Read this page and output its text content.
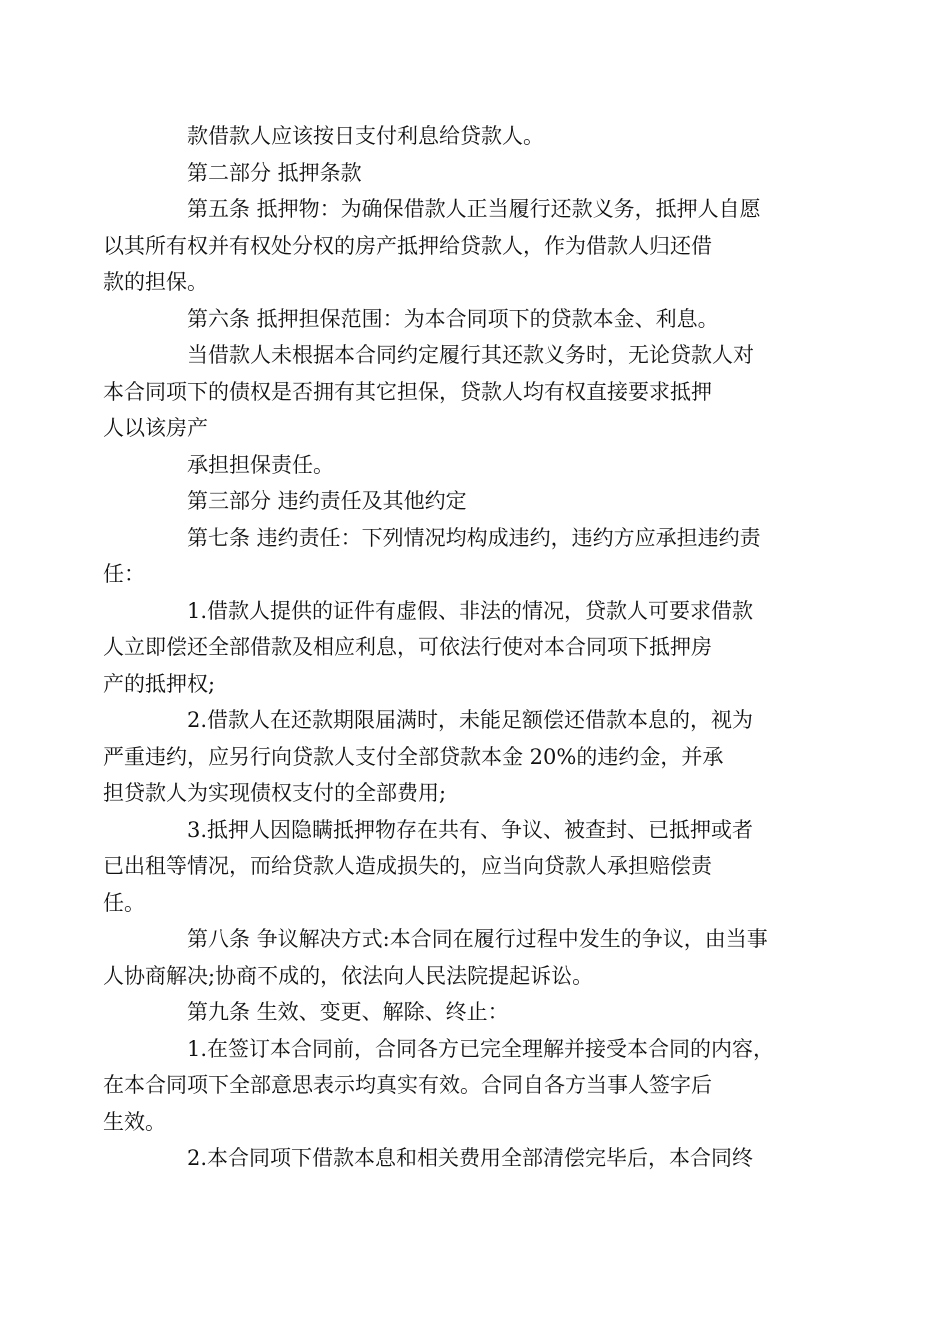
款借款人应该按日支付利息给贷款人。

第二部分 抵押条款

第五条 抵押物：为确保借款人正当履行还款义务，抵押人自愿
以其所有权并有权处分权的房产抵押给贷款人，作为借款人归还借
款的担保。

第六条 抵押担保范围：为本合同项下的贷款本金、利息。

当借款人未根据本合同约定履行其还款义务时，无论贷款人对
本合同项下的债权是否拥有其它担保，贷款人均有权直接要求抵押
人以该房产

承担担保责任。

第三部分 违约责任及其他约定

第七条 违约责任：下列情况均构成违约，违约方应承担违约责
任：

1.借款人提供的证件有虚假、非法的情况，贷款人可要求借款
人立即偿还全部借款及相应利息，可依法行使对本合同项下抵押房
产的抵押权;

2.借款人在还款期限届满时，未能足额偿还借款本息的，视为
严重违约，应另行向贷款人支付全部贷款本金 20%的违约金，并承
担贷款人为实现债权支付的全部费用;

3.抵押人因隐瞒抵押物存在共有、争议、被查封、已抵押或者
已出租等情况，而给贷款人造成损失的，应当向贷款人承担赔偿责
任。

第八条 争议解决方式:本合同在履行过程中发生的争议，由当事
人协商解决;协商不成的，依法向人民法院提起诉讼。

第九条 生效、变更、解除、终止：

1.在签订本合同前，合同各方已完全理解并接受本合同的内容，
在本合同项下全部意思表示均真实有效。合同自各方当事人签字后
生效。

2.本合同项下借款本息和相关费用全部清偿完毕后，本合同终
